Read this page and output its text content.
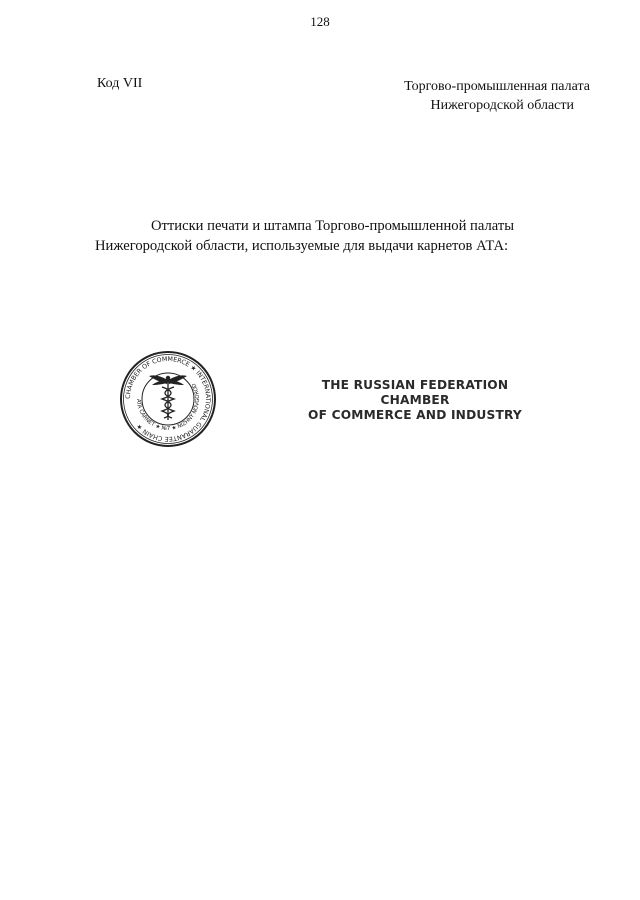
128
Код VII	Торгово-промышленная палата
Нижегородской области
Оттиски печати и штампа Торгово-промышленной палаты
Нижегородской области, используемые для выдачи карнетов АТА:
CHAMBER OF COMMERCE ★ INTERNATIONAL GUARANTEE CHAIN ★
ATA CARNET ★ №7 ★ NIZHNY NOVGOROD	THE RUSSIAN FEDERATION CHAMBER
OF COMMERCE AND INDUSTRY
